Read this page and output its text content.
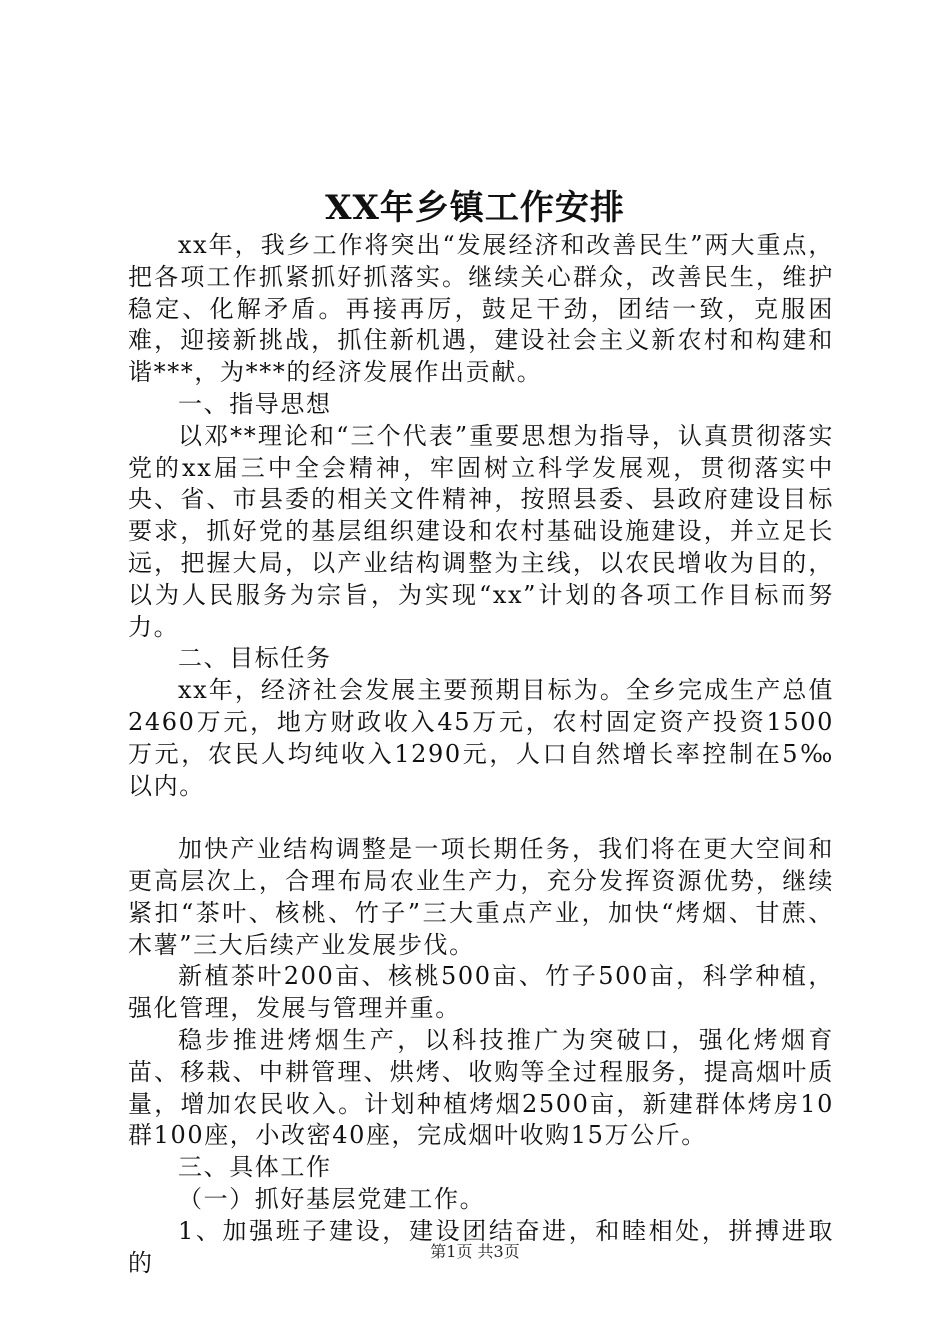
XX年乡镇工作安排

xx年，我乡工作将突出“发展经济和改善民生”两大重点，把各项工作抓紧抓好抓落实。继续关心群众，改善民生，维护稳定、化解矛盾。再接再厉，鼓足干劲，团结一致，克服困难，迎接新挑战，抓住新机遇，建设社会主义新农村和构建和谐***，为***的经济发展作出贡献。

一、指导思想

以邓**理论和“三个代表”重要思想为指导，认真贯彻落实党的xx届三中全会精神，牢固树立科学发展观，贯彻落实中央、省、市县委的相关文件精神，按照县委、县政府建设目标要求，抓好党的基层组织建设和农村基础设施建设，并立足长远，把握大局，以产业结构调整为主线，以农民增收为目的，以为人民服务为宗旨，为实现“xx”计划的各项工作目标而努力。

二、目标任务

xx年，经济社会发展主要预期目标为。全乡完成生产总值2460万元，地方财政收入45万元，农村固定资产投资1500万元，农民人均纯收入1290元，人口自然增长率控制在5‰以内。

加快产业结构调整是一项长期任务，我们将在更大空间和更高层次上，合理布局农业生产力，充分发挥资源优势，继续紧扣“茶叶、核桃、竹子”三大重点产业，加快“烤烟、甘蔗、木薯”三大后续产业发展步伐。

新植茶叶200亩、核桃500亩、竹子500亩，科学种植，强化管理，发展与管理并重。

稳步推进烤烟生产，以科技推广为突破口，强化烤烟育苗、移栽、中耕管理、烘烤、收购等全过程服务，提高烟叶质量，增加农民收入。计划种植烤烟2500亩，新建群体烤房10群100座，小改密40座，完成烟叶收购15万公斤。

三、具体工作

（一）抓好基层党建工作。

1、加强班子建设，建设团结奋进，和睦相处，拼搏进取的	第1页 共3页
